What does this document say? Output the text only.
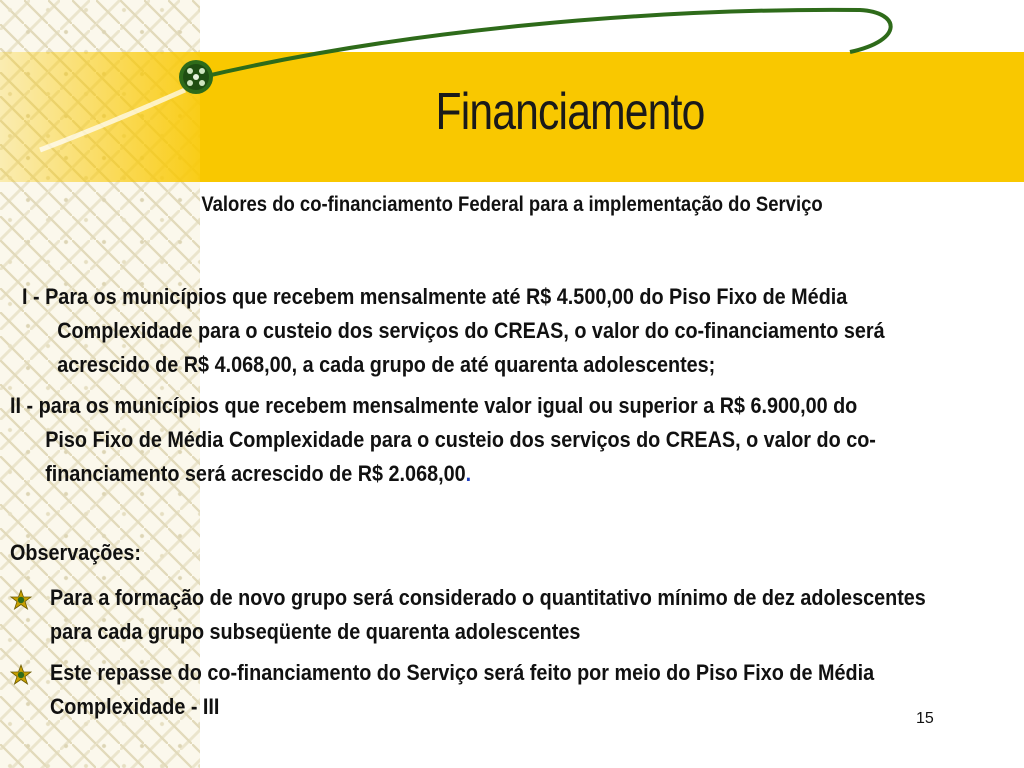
Financiamento
Valores do co-financiamento Federal para a implementação do Serviço
I - Para os municípios que recebem mensalmente até R$ 4.500,00 do Piso Fixo de Média Complexidade para o custeio dos serviços do CREAS, o valor do co-financiamento será acrescido de R$ 4.068,00, a cada grupo de até quarenta adolescentes;
II - para os municípios que recebem mensalmente valor igual ou superior a R$ 6.900,00 do Piso Fixo de Média Complexidade para o custeio dos serviços do CREAS, o valor do co-financiamento será acrescido de R$ 2.068,00.
Observações:
Para a formação de novo grupo será considerado o quantitativo mínimo de dez adolescentes para cada grupo subseqüente de quarenta adolescentes
Este repasse do co-financiamento do Serviço será feito por meio do Piso Fixo de Média Complexidade - III	15
